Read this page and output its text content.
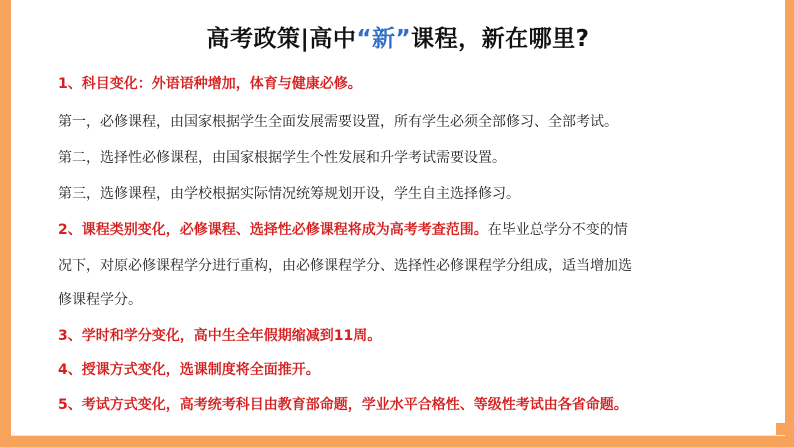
高考政策|高中“新”课程，新在哪里?
1、科目变化：外语语种增加，体育与健康必修。
第一，必修课程，由国家根据学生全面发展需要设置，所有学生必须全部修习、全部考试。
第二，选择性必修课程，由国家根据学生个性发展和升学考试需要设置。
第三，选修课程，由学校根据实际情况统筹规划开设，学生自主选择修习。
2、课程类别变化，必修课程、选择性必修课程将成为高考考查范围。在毕业总学分不变的情
况下，对原必修课程学分进行重构，由必修课程学分、选择性必修课程学分组成，适当增加选
修课程学分。
3、学时和学分变化，高中生全年假期缩减到11周。
4、授课方式变化，选课制度将全面推开。
5、考试方式变化，高考统考科目由教育部命题，学业水平合格性、等级性考试由各省命题。
